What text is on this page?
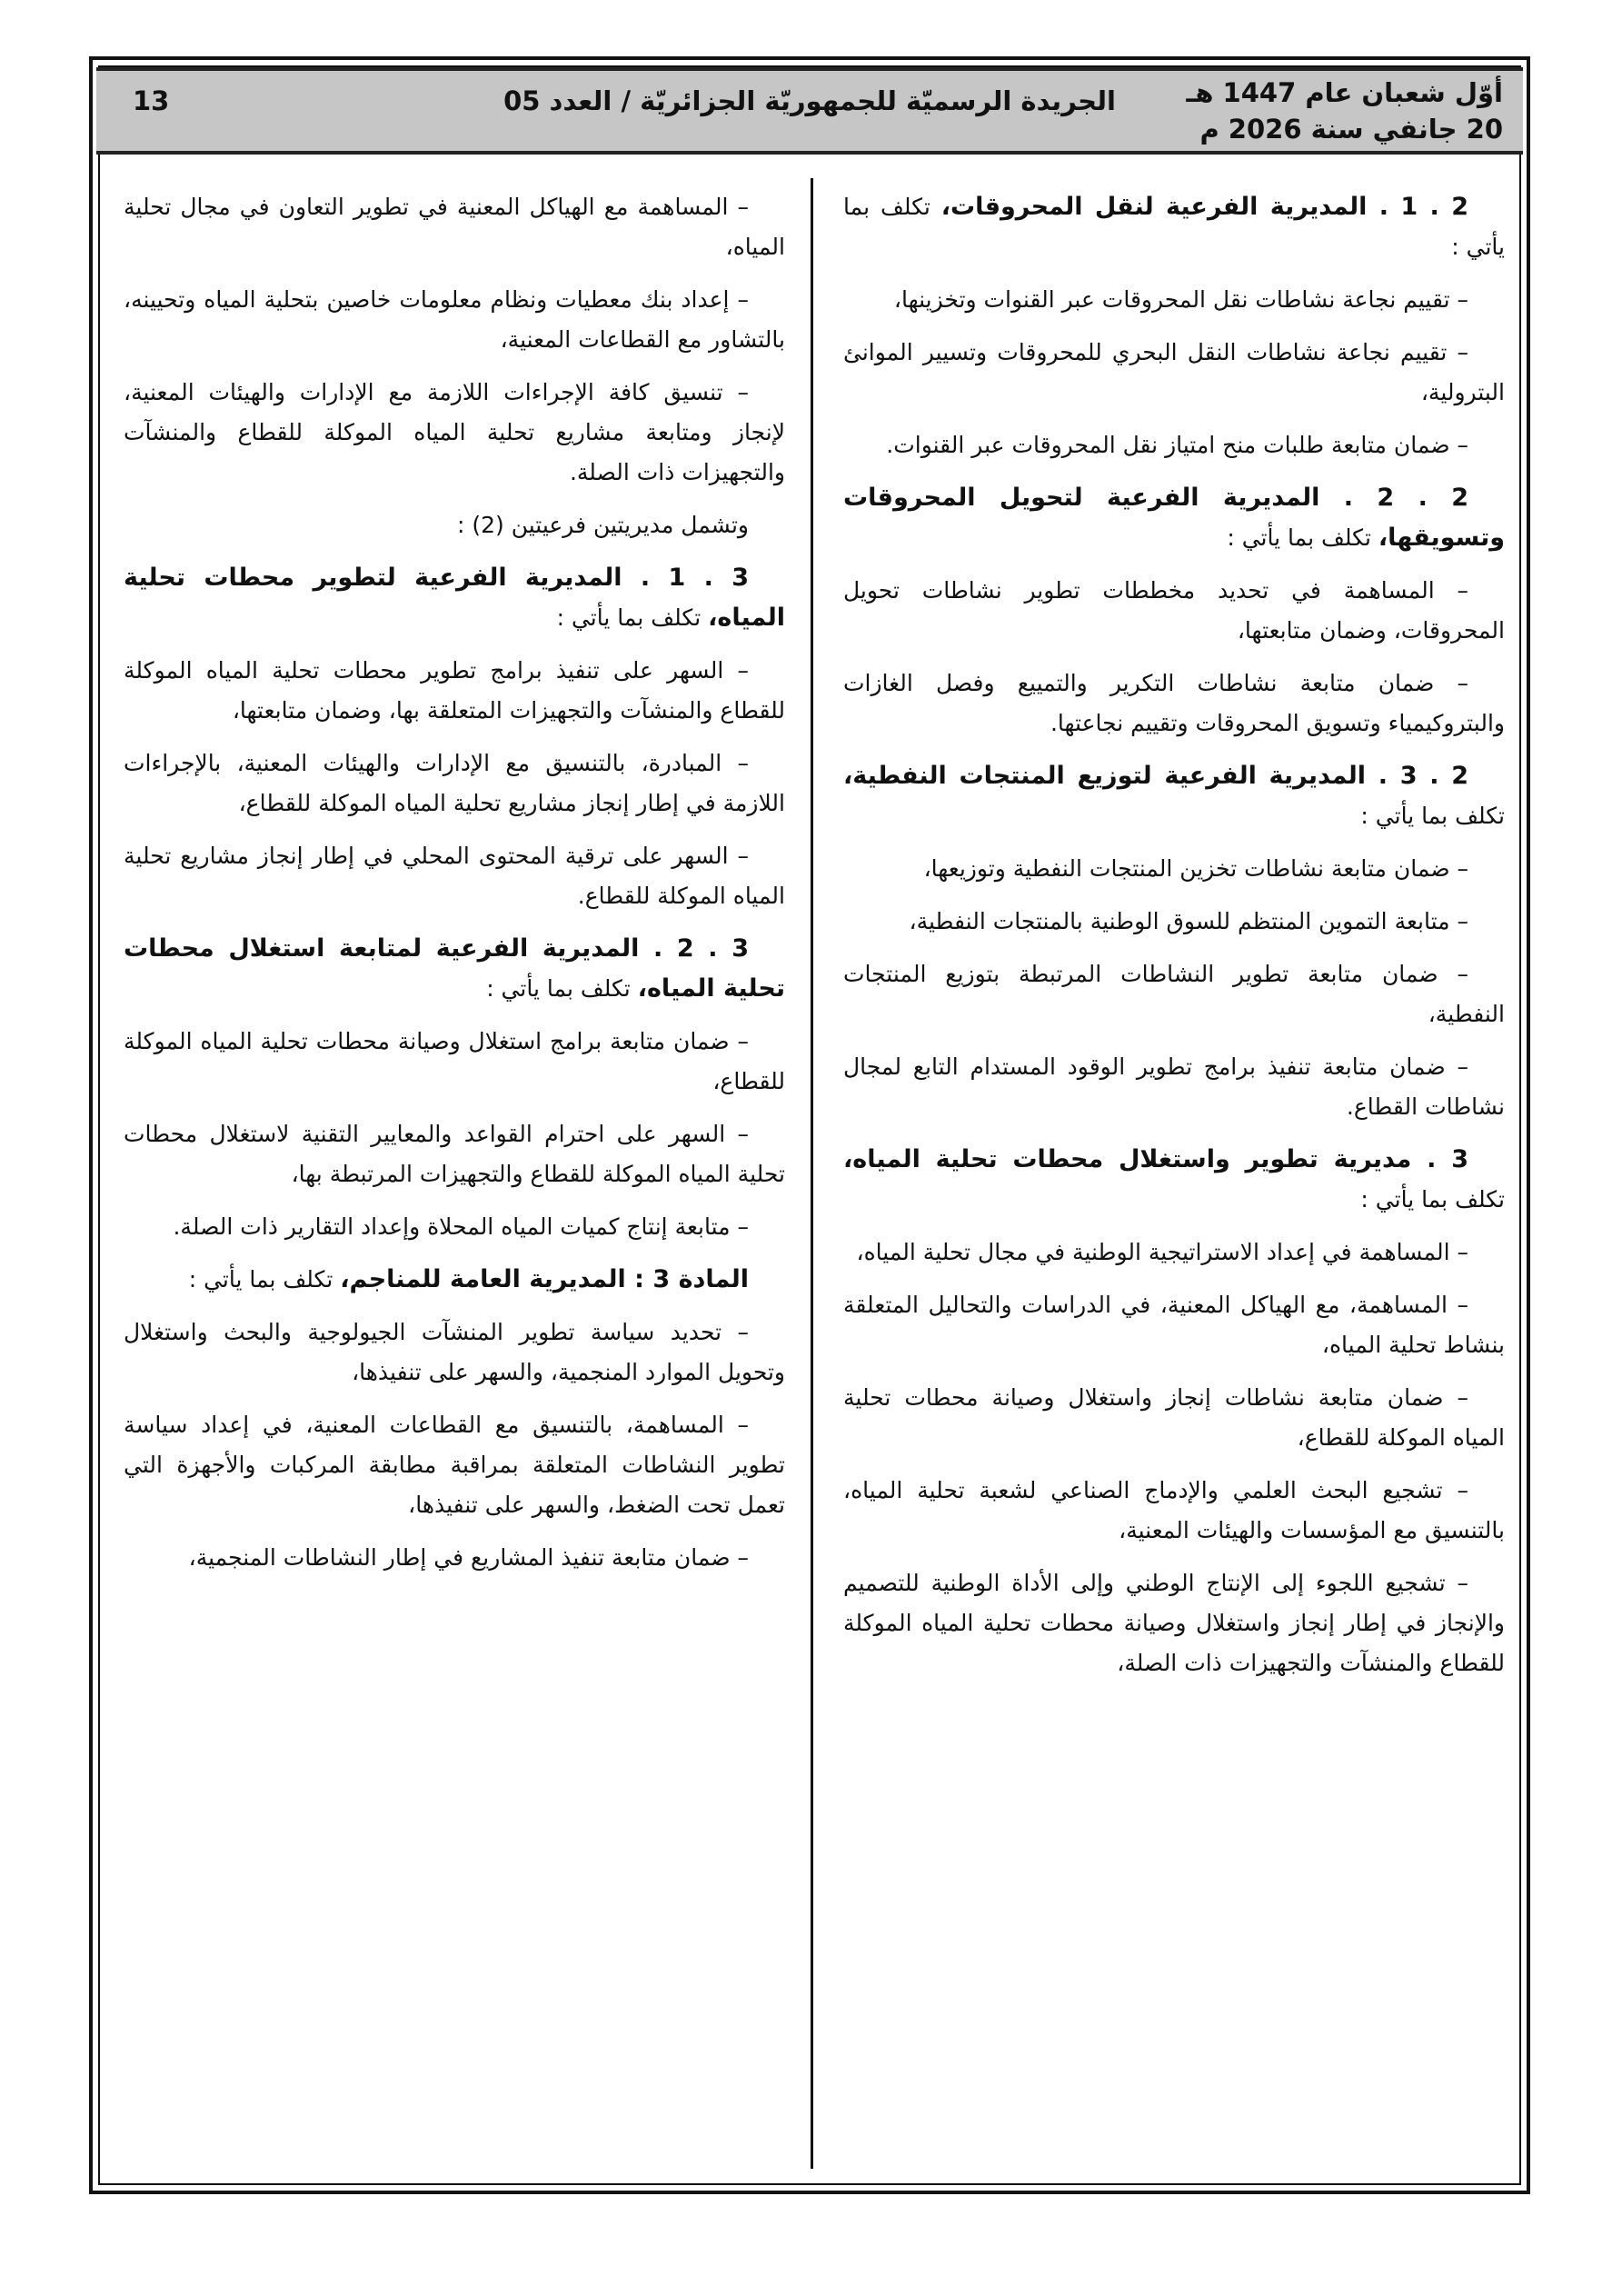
أوّل شعبان عام 1447 هـ
20 جانفي سنة 2026 م
الجريدة الرسميّة للجمهوريّة الجزائريّة / العدد 05
13

2 . 1 . المديرية الفرعية لنقل المحروقات، تكلف بما يأتي :

– تقييم نجاعة نشاطات نقل المحروقات عبر القنوات وتخزينها،

– تقييم نجاعة نشاطات النقل البحري للمحروقات وتسيير الموانئ البترولية،

– ضمان متابعة طلبات منح امتياز نقل المحروقات عبر القنوات.

2 . 2 . المديرية الفرعية لتحويل المحروقات وتسويقها، تكلف بما يأتي :

– المساهمة في تحديد مخططات تطوير نشاطات تحويل المحروقات، وضمان متابعتها،

– ضمان متابعة نشاطات التكرير والتمييع وفصل الغازات والبتروكيمياء وتسويق المحروقات وتقييم نجاعتها.

2 . 3 . المديرية الفرعية لتوزيع المنتجات النفطية، تكلف بما يأتي :

– ضمان متابعة نشاطات تخزين المنتجات النفطية وتوزيعها،

– متابعة التموين المنتظم للسوق الوطنية بالمنتجات النفطية،

– ضمان متابعة تطوير النشاطات المرتبطة بتوزيع المنتجات النفطية،

– ضمان متابعة تنفيذ برامج تطوير الوقود المستدام التابع لمجال نشاطات القطاع.

3 . مديرية تطوير واستغلال محطات تحلية المياه، تكلف بما يأتي :

– المساهمة في إعداد الاستراتيجية الوطنية في مجال تحلية المياه،

– المساهمة، مع الهياكل المعنية، في الدراسات والتحاليل المتعلقة بنشاط تحلية المياه،

– ضمان متابعة نشاطات إنجاز واستغلال وصيانة محطات تحلية المياه الموكلة للقطاع،

– تشجيع البحث العلمي والإدماج الصناعي لشعبة تحلية المياه، بالتنسيق مع المؤسسات والهيئات المعنية،

– تشجيع اللجوء إلى الإنتاج الوطني وإلى الأداة الوطنية للتصميم والإنجاز في إطار إنجاز واستغلال وصيانة محطات تحلية المياه الموكلة للقطاع والمنشآت والتجهيزات ذات الصلة،

– المساهمة مع الهياكل المعنية في تطوير التعاون في مجال تحلية المياه،

– إعداد بنك معطيات ونظام معلومات خاصين بتحلية المياه وتحيينه، بالتشاور مع القطاعات المعنية،

– تنسيق كافة الإجراءات اللازمة مع الإدارات والهيئات المعنية، لإنجاز ومتابعة مشاريع تحلية المياه الموكلة للقطاع والمنشآت والتجهيزات ذات الصلة.

وتشمل مديريتين فرعيتين (2) :

3 . 1 . المديرية الفرعية لتطوير محطات تحلية المياه، تكلف بما يأتي :

– السهر على تنفيذ برامج تطوير محطات تحلية المياه الموكلة للقطاع والمنشآت والتجهيزات المتعلقة بها، وضمان متابعتها،

– المبادرة، بالتنسيق مع الإدارات والهيئات المعنية، بالإجراءات اللازمة في إطار إنجاز مشاريع تحلية المياه الموكلة للقطاع،

– السهر على ترقية المحتوى المحلي في إطار إنجاز مشاريع تحلية المياه الموكلة للقطاع.

3 . 2 . المديرية الفرعية لمتابعة استغلال محطات تحلية المياه، تكلف بما يأتي :

– ضمان متابعة برامج استغلال وصيانة محطات تحلية المياه الموكلة للقطاع،

– السهر على احترام القواعد والمعايير التقنية لاستغلال محطات تحلية المياه الموكلة للقطاع والتجهيزات المرتبطة بها،

– متابعة إنتاج كميات المياه المحلاة وإعداد التقارير ذات الصلة.

المادة 3 : المديرية العامة للمناجم، تكلف بما يأتي :

– تحديد سياسة تطوير المنشآت الجيولوجية والبحث واستغلال وتحويل الموارد المنجمية، والسهر على تنفيذها،

– المساهمة، بالتنسيق مع القطاعات المعنية، في إعداد سياسة تطوير النشاطات المتعلقة بمراقبة مطابقة المركبات والأجهزة التي تعمل تحت الضغط، والسهر على تنفيذها،

– ضمان متابعة تنفيذ المشاريع في إطار النشاطات المنجمية،
